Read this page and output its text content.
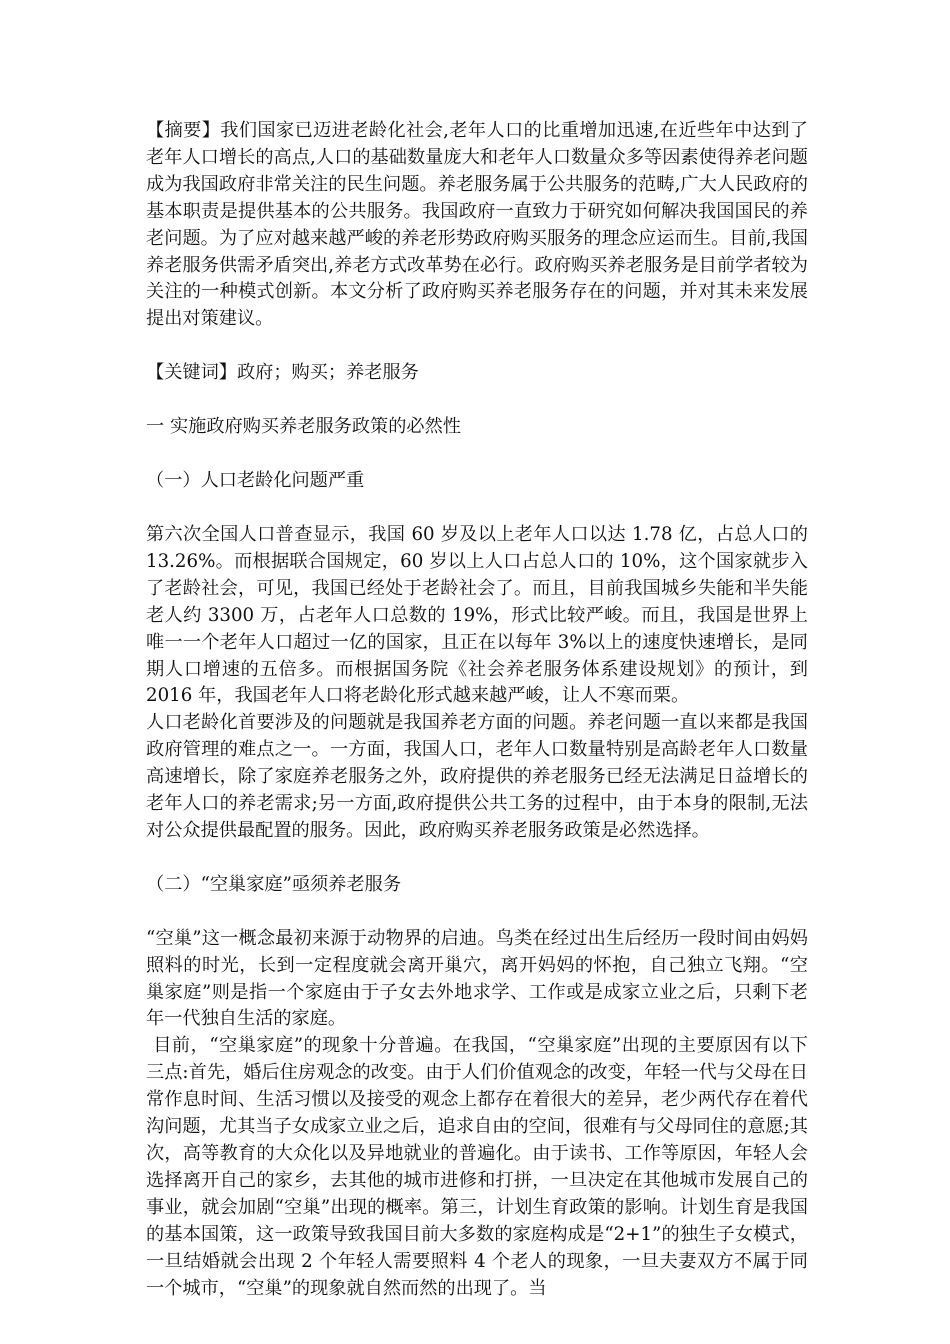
【摘要】我们国家已迈进老龄化社会,老年人口的比重增加迅速,在近些年中达到了老年人口增长的高点,人口的基础数量庞大和老年人口数量众多等因素使得养老问题成为我国政府非常关注的民生问题。养老服务属于公共服务的范畴,广大人民政府的基本职责是提供基本的公共服务。我国政府一直致力于研究如何解决我国国民的养老问题。为了应对越来越严峻的养老形势政府购买服务的理念应运而生。目前,我国养老服务供需矛盾突出,养老方式改革势在必行。政府购买养老服务是目前学者较为关注的一种模式创新。本文分析了政府购买养老服务存在的问题，并对其未来发展提出对策建议。

【关键词】政府；购买；养老服务

一 实施政府购买养老服务政策的必然性

（一）人口老龄化问题严重

第六次全国人口普查显示，我国 60 岁及以上老年人口以达 1.78 亿，占总人口的 13.26%。而根据联合国规定，60 岁以上人口占总人口的 10%，这个国家就步入了老龄社会，可见，我国已经处于老龄社会了。而且，目前我国城乡失能和半失能老人约 3300 万，占老年人口总数的 19%，形式比较严峻。而且，我国是世界上唯一一个老年人口超过一亿的国家，且正在以每年 3%以上的速度快速增长，是同期人口增速的五倍多。而根据国务院《社会养老服务体系建设规划》的预计，到 2016 年，我国老年人口将老龄化形式越来越严峻，让人不寒而栗。

人口老龄化首要涉及的问题就是我国养老方面的问题。养老问题一直以来都是我国政府管理的难点之一。一方面，我国人口，老年人口数量特别是高龄老年人口数量高速增长，除了家庭养老服务之外，政府提供的养老服务已经无法满足日益增长的老年人口的养老需求;另一方面,政府提供公共工务的过程中，由于本身的限制,无法对公众提供最配置的服务。因此，政府购买养老服务政策是必然选择。

（二）“空巢家庭”亟须养老服务

“空巢”这一概念最初来源于动物界的启迪。鸟类在经过出生后经历一段时间由妈妈照料的时光，长到一定程度就会离开巢穴，离开妈妈的怀抱，自己独立飞翔。“空巢家庭”则是指一个家庭由于子女去外地求学、工作或是成家立业之后，只剩下老年一代独自生活的家庭。

目前，“空巢家庭”的现象十分普遍。在我国，“空巢家庭”出现的主要原因有以下三点:首先，婚后住房观念的改变。由于人们价值观念的改变，年轻一代与父母在日常作息时间、生活习惯以及接受的观念上都存在着很大的差异，老少两代存在着代沟问题，尤其当子女成家立业之后，追求自由的空间，很难有与父母同住的意愿;其次，高等教育的大众化以及异地就业的普遍化。由于读书、工作等原因，年轻人会选择离开自己的家乡，去其他的城市进修和打拼，一旦决定在其他城市发展自己的事业，就会加剧“空巢”出现的概率。第三，计划生育政策的影响。计划生育是我国的基本国策，这一政策导致我国目前大多数的家庭构成是“2+1”的独生子女模式，一旦结婚就会出现 2 个年轻人需要照料 4 个老人的现象，一旦夫妻双方不属于同一个城市，“空巢”的现象就自然而然的出现了。当
